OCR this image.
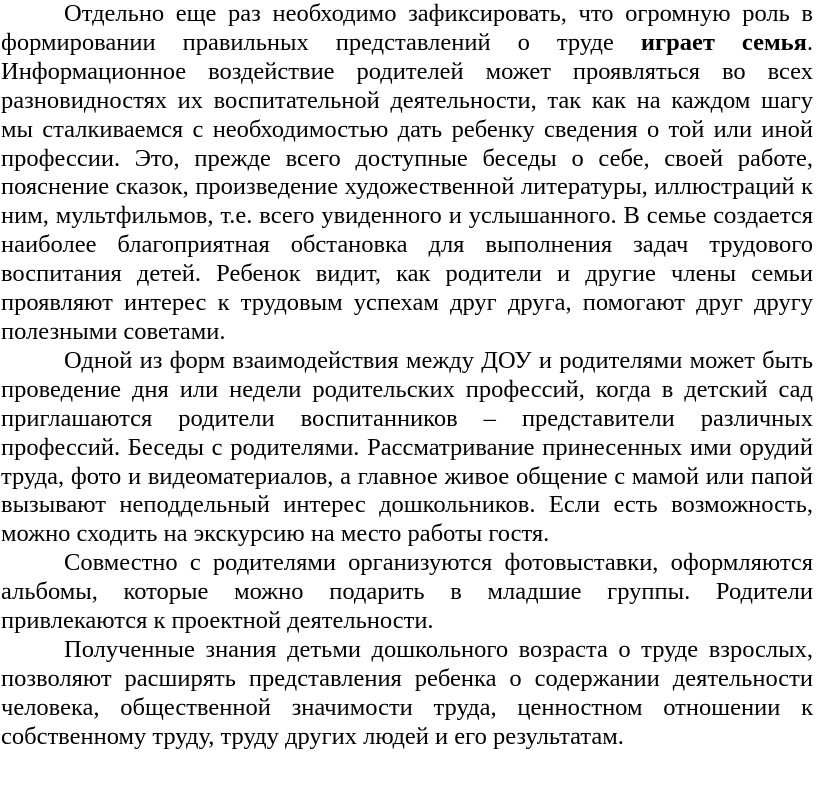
Отдельно еще раз необходимо зафиксировать, что огромную роль в формировании правильных представлений о труде играет семья. Информационное воздействие родителей может проявляться во всех разновидностях их воспитательной деятельности, так как на каждом шагу мы сталкиваемся с необходимостью дать ребенку сведения о той или иной профессии. Это, прежде всего доступные беседы о себе, своей работе, пояснение сказок, произведение художественной литературы, иллюстраций к ним, мультфильмов, т.е. всего увиденного и услышанного. В семье создается наиболее благоприятная обстановка для выполнения задач трудового воспитания детей. Ребенок видит, как родители и другие члены семьи проявляют интерес к трудовым успехам друг друга, помогают друг другу полезными советами.

Одной из форм взаимодействия между ДОУ и родителями может быть проведение дня или недели родительских профессий, когда в детский сад приглашаются родители воспитанников – представители различных профессий. Беседы с родителями. Рассматривание принесенных ими орудий труда, фото и видеоматериалов, а главное живое общение с мамой или папой вызывают неподдельный интерес дошкольников. Если есть возможность, можно сходить на экскурсию на место работы гостя.

Совместно с родителями организуются фотовыставки, оформляются альбомы, которые можно подарить в младшие группы. Родители привлекаются к проектной деятельности.

Полученные знания детьми дошкольного возраста о труде взрослых, позволяют расширять представления ребенка о содержании деятельности человека, общественной значимости труда, ценностном отношении к собственному труду, труду других людей и его результатам.
